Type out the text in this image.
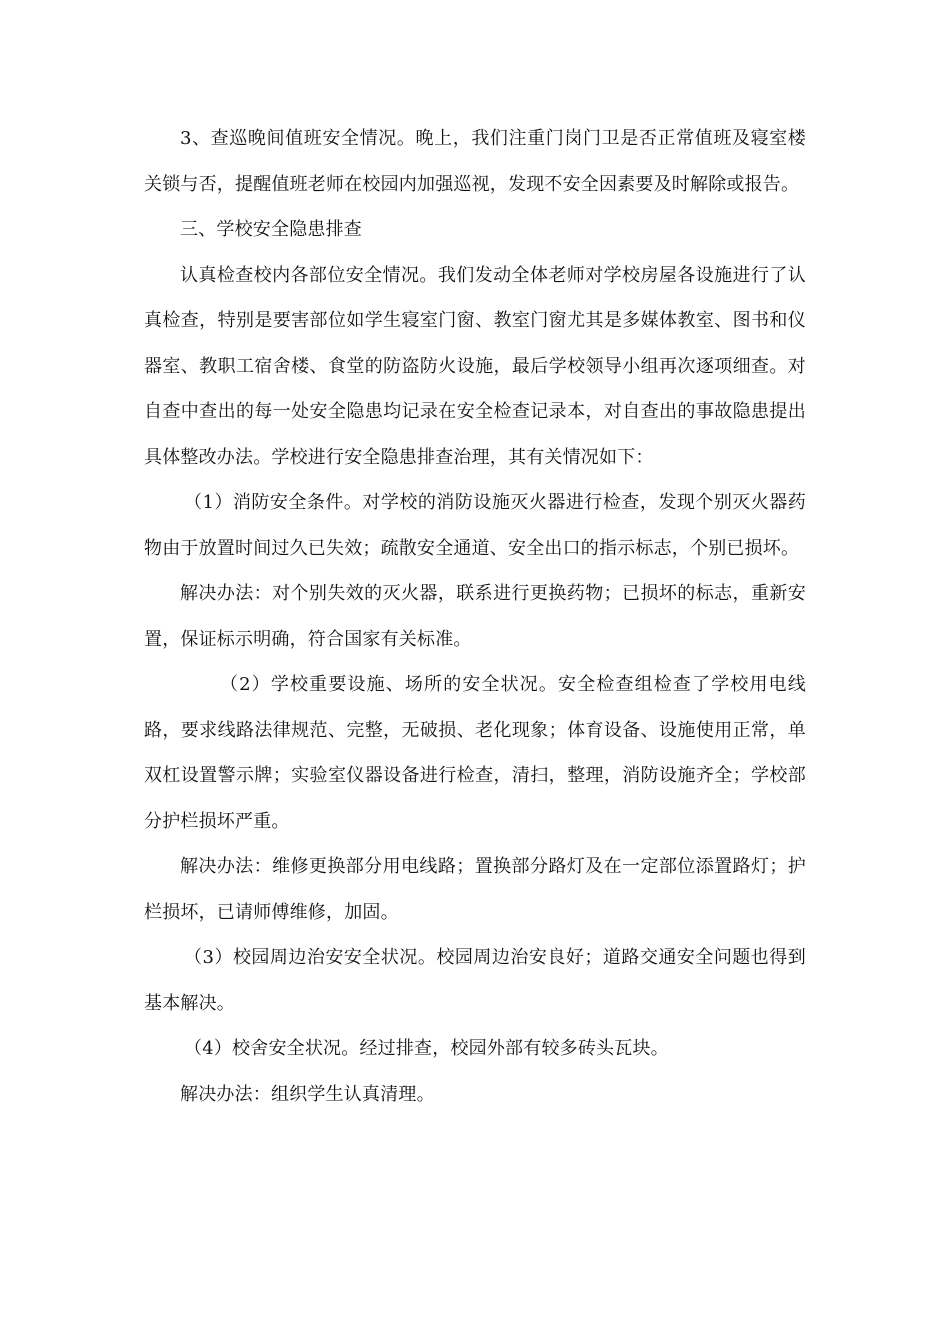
3、查巡晚间值班安全情况。晚上，我们注重门岗门卫是否正常值班及寝室楼关锁与否，提醒值班老师在校园内加强巡视，发现不安全因素要及时解除或报告。

三、学校安全隐患排查

认真检查校内各部位安全情况。我们发动全体老师对学校房屋各设施进行了认真检查，特别是要害部位如学生寝室门窗、教室门窗尤其是多媒体教室、图书和仪器室、教职工宿舍楼、食堂的防盗防火设施，最后学校领导小组再次逐项细查。对自查中查出的每一处安全隐患均记录在安全检查记录本，对自查出的事故隐患提出具体整改办法。学校进行安全隐患排查治理，其有关情况如下：

（1）消防安全条件。对学校的消防设施灭火器进行检查，发现个别灭火器药物由于放置时间过久已失效；疏散安全通道、安全出口的指示标志，个别已损坏。

解决办法：对个别失效的灭火器，联系进行更换药物；已损坏的标志，重新安置，保证标示明确，符合国家有关标准。

（2）学校重要设施、场所的安全状况。安全检查组检查了学校用电线路，要求线路法律规范、完整，无破损、老化现象；体育设备、设施使用正常，单双杠设置警示牌；实验室仪器设备进行检查，清扫，整理，消防设施齐全；学校部分护栏损坏严重。

解决办法：维修更换部分用电线路；置换部分路灯及在一定部位添置路灯；护栏损坏，已请师傅维修，加固。

（3）校园周边治安安全状况。校园周边治安良好；道路交通安全问题也得到基本解决。

（4）校舍安全状况。经过排查，校园外部有较多砖头瓦块。

解决办法：组织学生认真清理。
